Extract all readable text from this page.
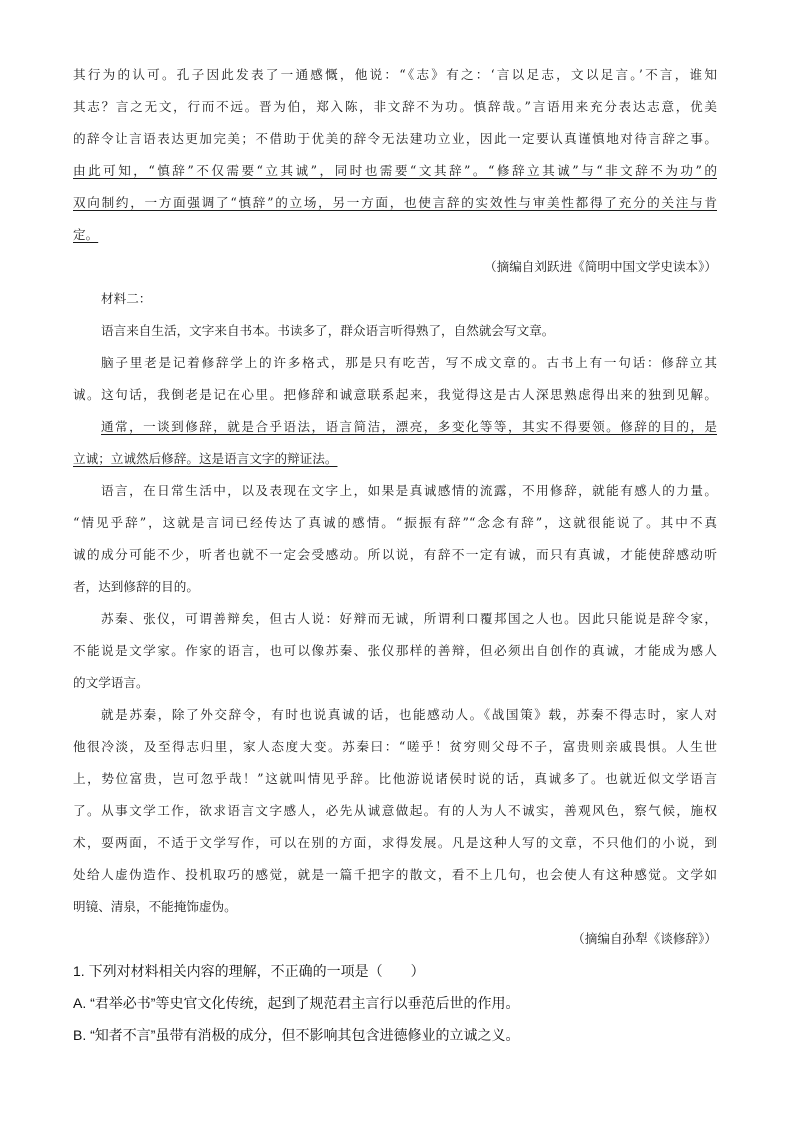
其行为的认可。孔子因此发表了一通感慨，他说：“《志》有之：‘言以足志，文以足言。’不言，谁知
其志？言之无文，行而不远。晋为伯，郑入陈，非文辞不为功。慎辞哉。”言语用来充分表达志意，优美
的辞令让言语表达更加完美；不借助于优美的辞令无法建功立业，因此一定要认真谨慎地对待言辞之事。
由此可知，“慎辞”不仅需要“立其诚”，同时也需要“文其辞”。“修辞立其诚”与“非文辞不为功”的
双向制约，一方面强调了“慎辞”的立场，另一方面，也使言辞的实效性与审美性都得了充分的关注与肯
定。
（摘编自刘跃进《简明中国文学史读本》）
材料二：
语言来自生活，文字来自书本。书读多了，群众语言听得熟了，自然就会写文章。
脑子里老是记着修辞学上的许多格式，那是只有吃苦，写不成文章的。古书上有一句话：修辞立其
诚。这句话，我倒老是记在心里。把修辞和诚意联系起来，我觉得这是古人深思熟虑得出来的独到见解。
通常，一谈到修辞，就是合乎语法，语言简洁，漂亮，多变化等等，其实不得要领。修辞的目的，是
立诚；立诚然后修辞。这是语言文字的辩证法。
语言，在日常生活中，以及表现在文字上，如果是真诚感情的流露，不用修辞，就能有感人的力量。
“情见乎辞”，这就是言词已经传达了真诚的感情。“振振有辞”“念念有辞”，这就很能说了。其中不真
诚的成分可能不少，听者也就不一定会受感动。所以说，有辞不一定有诚，而只有真诚，才能使辞感动听
者，达到修辞的目的。
苏秦、张仪，可谓善辩矣，但古人说：好辩而无诚，所谓利口覆邦国之人也。因此只能说是辞令家，
不能说是文学家。作家的语言，也可以像苏秦、张仪那样的善辩，但必须出自创作的真诚，才能成为感人
的文学语言。
就是苏秦，除了外交辞令，有时也说真诚的话，也能感动人。《战国策》载，苏秦不得志时，家人对
他很冷淡，及至得志归里，家人态度大变。苏秦曰：“嗟乎！贫穷则父母不子，富贵则亲戚畏惧。人生世
上，势位富贵，岂可忽乎哉！”这就叫情见乎辞。比他游说诸侯时说的话，真诚多了。也就近似文学语言
了。从事文学工作，欲求语言文字感人，必先从诚意做起。有的人为人不诚实，善观风色，察气候，施权
术，耍两面，不适于文学写作，可以在别的方面，求得发展。凡是这种人写的文章，不只他们的小说，到
处给人虚伪造作、投机取巧的感觉，就是一篇千把字的散文，看不上几句，也会使人有这种感觉。文学如
明镜、清泉，不能掩饰虚伪。
（摘编自孙犁《谈修辞》）
1. 下列对材料相关内容的理解，不正确的一项是（　　）
A. “君举必书”等史官文化传统，起到了规范君主言行以垂范后世的作用。
B. “知者不言”虽带有消极的成分，但不影响其包含进德修业的立诚之义。
